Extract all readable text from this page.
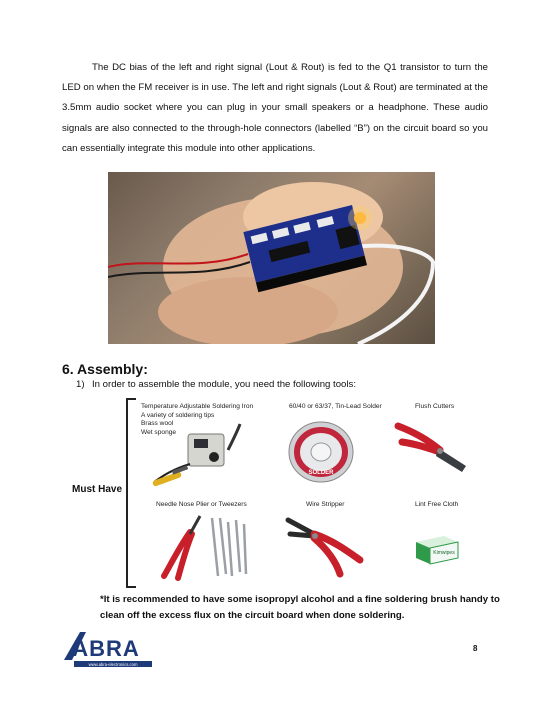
The DC bias of the left and right signal (Lout & Rout) is fed to the Q1 transistor to turn the LED on when the FM receiver is in use. The left and right signals (Lout & Rout) are terminated at the 3.5mm audio socket where you can plug in your small speakers or a headphone. These audio signals are also connected to the through-hole connectors (labelled “B”) on the circuit board so you can essentially integrate this module into other applications.

6. Assembly:
1) In order to assemble the module, you need the following tools:
Must Have
Temperature Adjustable Soldering Iron
A variety of soldering tips
Brass wool
Wet sponge
60/40 or 63/37, Tin-Lead Solder
SOLDER
Flush Cutters
Needle Nose Plier or Tweezers	Wire Stripper	Lint Free Cloth
Kimwipes
*It is recommended to have some isopropyl alcohol and a fine soldering brush handy to clean off the excess flux on the circuit board when done soldering.
ABRA
www.abra-electronics.com
8
